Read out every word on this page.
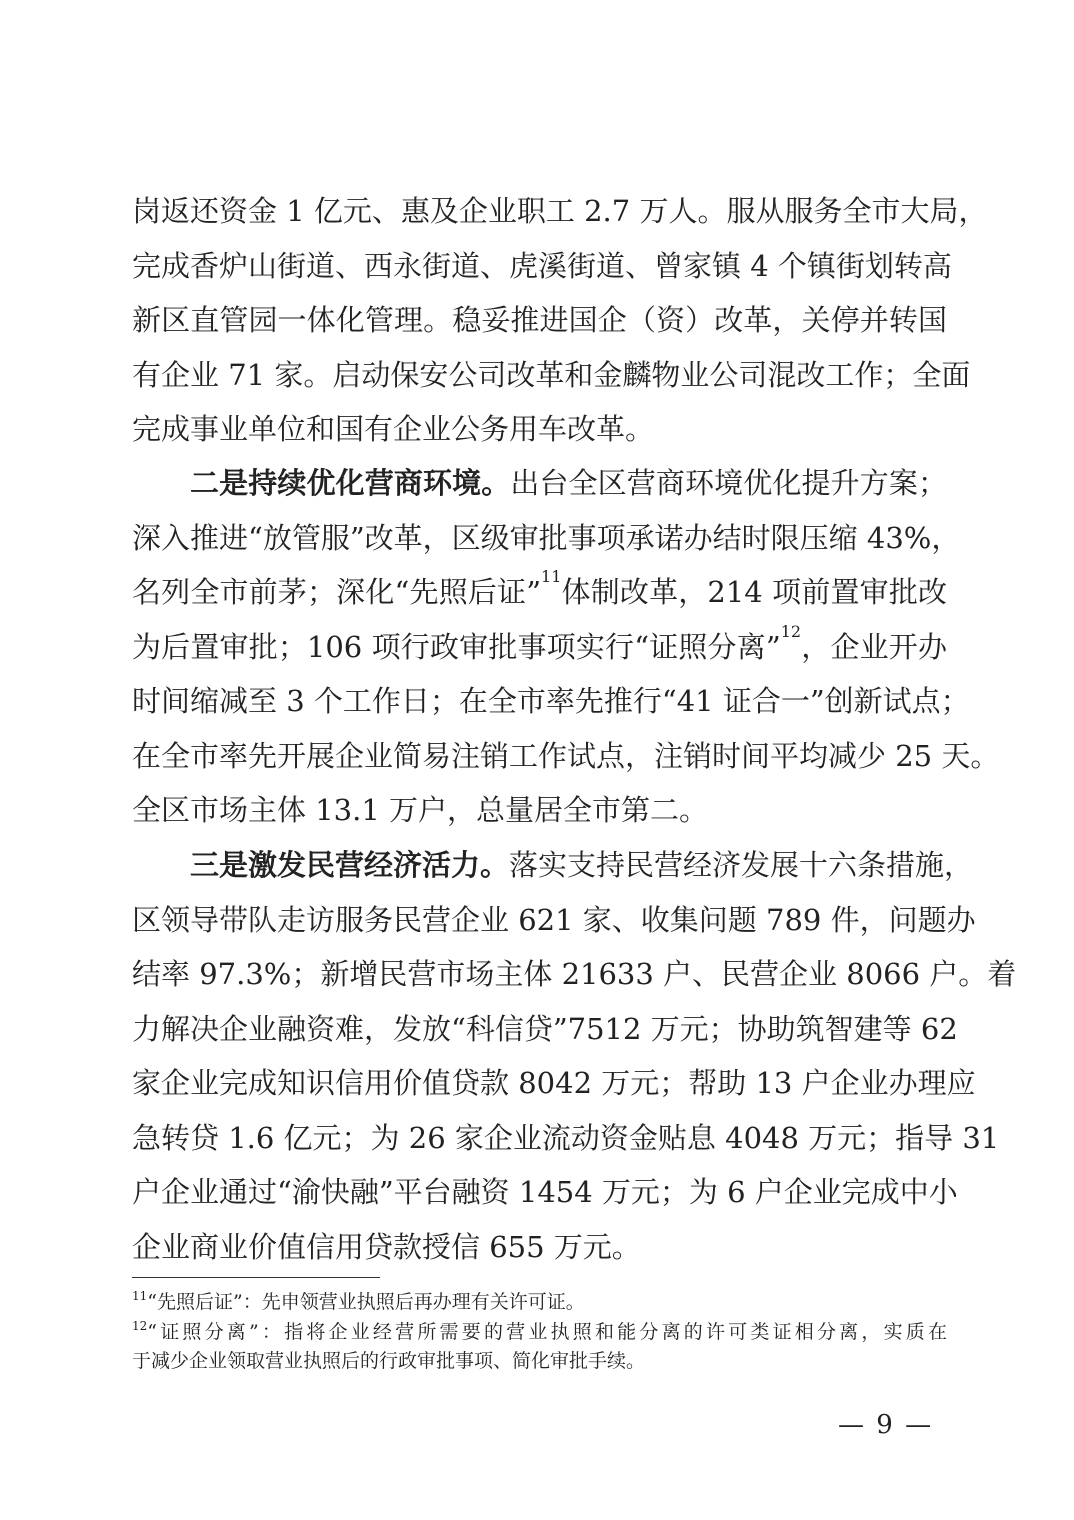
岗返还资金 1 亿元、惠及企业职工 2.7 万人。服从服务全市大局，
完成香炉山街道、西永街道、虎溪街道、曾家镇 4 个镇街划转高
新区直管园一体化管理。稳妥推进国企（资）改革，关停并转国
有企业 71 家。启动保安公司改革和金麟物业公司混改工作；全面
完成事业单位和国有企业公务用车改革。
二是持续优化营商环境。出台全区营商环境优化提升方案；
深入推进“放管服”改革，区级审批事项承诺办结时限压缩 43%，
名列全市前茅；深化“先照后证”$^{11}$体制改革，214 项前置审批改
为后置审批；106 项行政审批事项实行“证照分离”$^{12}$，企业开办
时间缩减至 3 个工作日；在全市率先推行“41 证合一”创新试点；
在全市率先开展企业简易注销工作试点，注销时间平均减少 25 天。
全区市场主体 13.1 万户，总量居全市第二。
三是激发民营经济活力。落实支持民营经济发展十六条措施，
区领导带队走访服务民营企业 621 家、收集问题 789 件，问题办
结率 97.3%；新增民营市场主体 21633 户、民营企业 8066 户。着
力解决企业融资难，发放“科信贷”7512 万元；协助筑智建等 62
家企业完成知识信用价值贷款 8042 万元；帮助 13 户企业办理应
急转贷 1.6 亿元；为 26 家企业流动资金贴息 4048 万元；指导 31
户企业通过“渝快融”平台融资 1454 万元；为 6 户企业完成中小
企业商业价值信用贷款授信 655 万元。
$^{11}$“先照后证”：先申领营业执照后再办理有关许可证。
$^{12}$“证照分离”：指将企业经营所需要的营业执照和能分离的许可类证相分离，实质在
于减少企业领取营业执照后的行政审批事项、简化审批手续。
— 9 —
